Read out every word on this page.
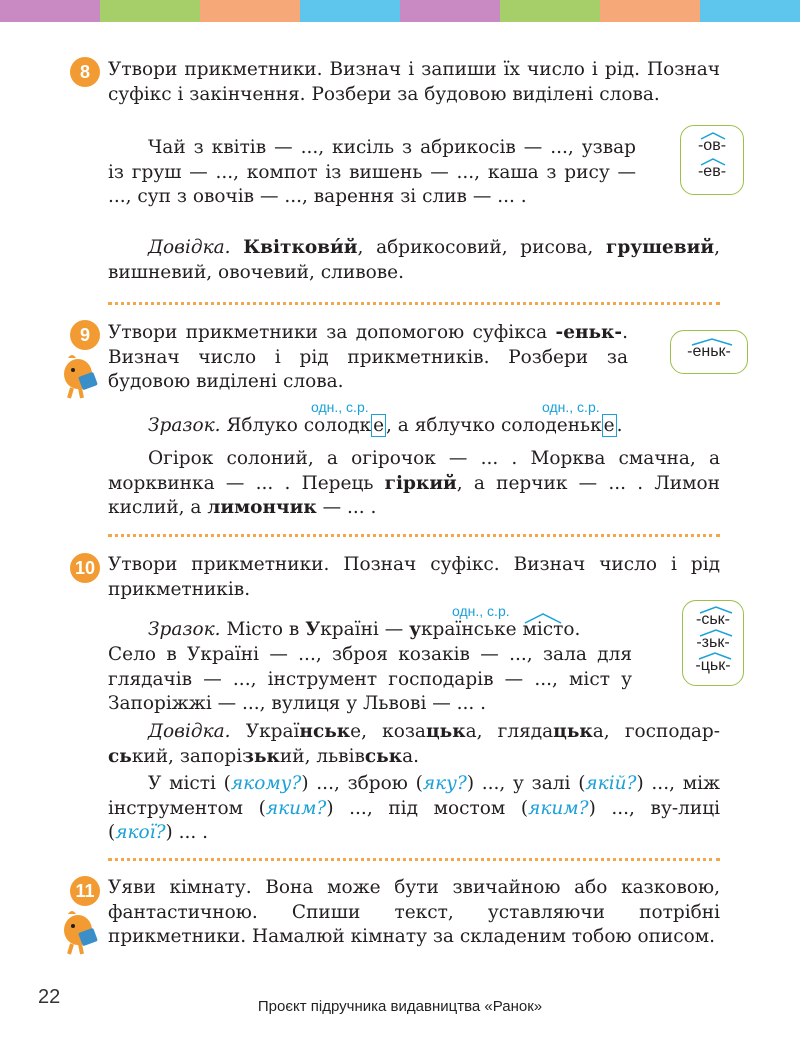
8 Утвори прикметники. Визнач і запиши їх число і рід. Познач суфікс і закінчення. Розбери за будовою виділені слова.
Чай з квітів — ..., кисіль з абрикосів — ..., узвар із груш — ..., компот із вишень — ..., каша з рису — ..., суп з овочів — ..., варення зі слив — ... .
-ов-
-ев-
Довідка. Квіткови́й, абрикосовий, рисова, грушевий, вишневий, овочевий, сливове.
9 Утвори прикметники за допомогою суфікса -еньк-. Визнач число і рід прикметників. Розбери за будовою виділені слова.
-еньк-
одн., с.р.	одн., с.р.
Зразок. Яблуко солодк е , а яблучко солоденьк е .
Огірок солоний, а огірочок — ... . Морква смачна, а морквинка — ... . Перець гіркий, а перчик — ... . Лимон кислий, а лимончик — ... .
10 Утвори прикметники. Познач суфікс. Визнач число і рід прикметників.
одн., с.р.
Зразок. Місто в Україні — українське місто.
Село в Україні — ..., зброя козаків — ..., зала для глядачів — ..., інструмент господарів — ..., міст у Запоріжжі — ..., вулиця у Львові — ... .
-ськ-
-зьк-
-цьк-
Довідка. Українське, козацька, глядацька, господар-ський, запорізький, львівська.
У місті (якому?) ..., зброю (яку?) ..., у залі (якій?) ..., між інструментом (яким?) ..., під мостом (яким?) ..., ву-лиці (якої?) ... .
11 Уяви кімнату. Вона може бути звичайною або казковою, фантастичною. Спиши текст, уставляючи потрібні прикметники. Намалюй кімнату за складеним тобою описом.
22	Проєкт підручника видавництва «Ранок»
